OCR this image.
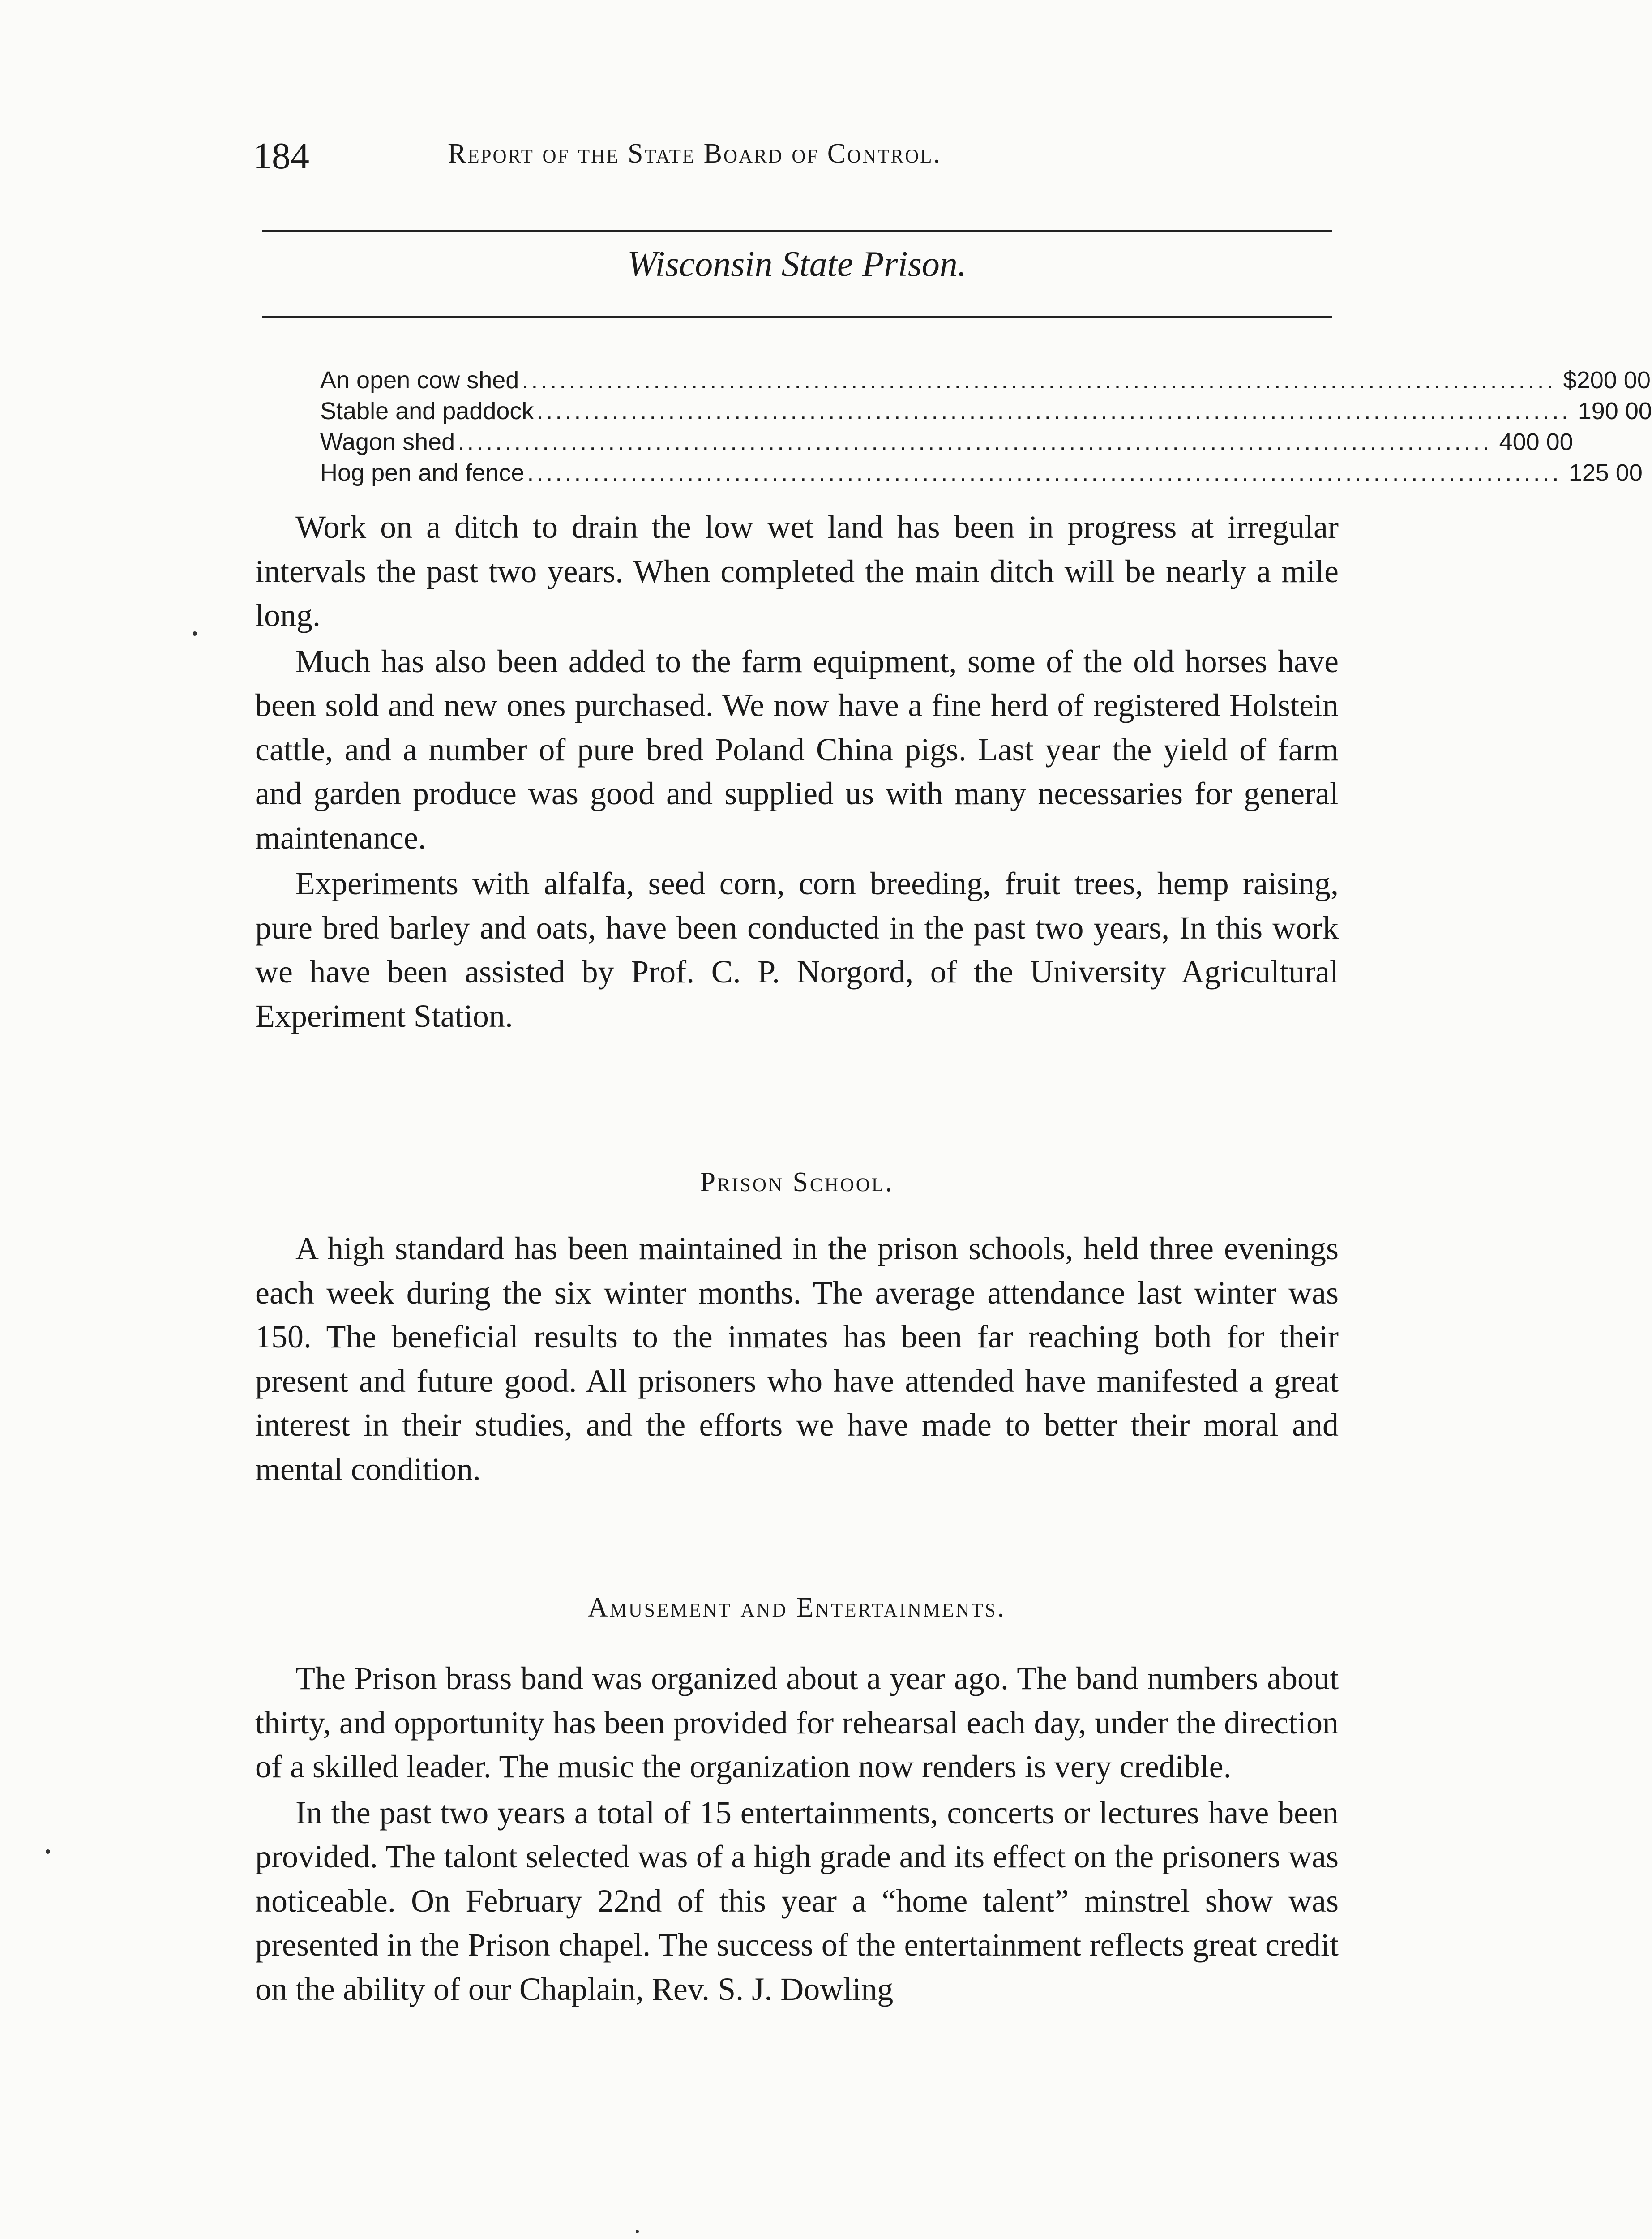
184	Report of the State Board of Control.
Wisconsin State Prison.
An open cow shed .............................................................................................................. $200 00
Stable and paddock .............................................................................................................. 190 00
Wagon shed .............................................................................................................. 400 00
Hog pen and fence .............................................................................................................. 125 00

Work on a ditch to drain the low wet land has been in progress at irregular intervals the past two years. When completed the main ditch will be nearly a mile long.

Much has also been added to the farm equipment, some of the old horses have been sold and new ones purchased. We now have a fine herd of registered Holstein cattle, and a number of pure bred Poland China pigs. Last year the yield of farm and garden produce was good and supplied us with many necessaries for general maintenance.

Experiments with alfalfa, seed corn, corn breeding, fruit trees, hemp raising, pure bred barley and oats, have been conducted in the past two years, In this work we have been assisted by Prof. C. P. Norgord, of the University Agricultural Experiment Station.

Prison School.

A high standard has been maintained in the prison schools, held three evenings each week during the six winter months. The average attendance last winter was 150. The beneficial results to the inmates has been far reaching both for their present and future good. All prisoners who have attended have manifested a great interest in their studies, and the efforts we have made to better their moral and mental condition.

Amusement and Entertainments.

The Prison brass band was organized about a year ago. The band numbers about thirty, and opportunity has been provided for rehearsal each day, under the direction of a skilled leader. The music the organization now renders is very credible.

In the past two years a total of 15 entertainments, concerts or lectures have been provided. The talont selected was of a high grade and its effect on the prisoners was noticeable. On February 22nd of this year a “home talent” minstrel show was presented in the Prison chapel. The success of the entertainment reflects great credit on the ability of our Chaplain, Rev. S. J. Dowling
